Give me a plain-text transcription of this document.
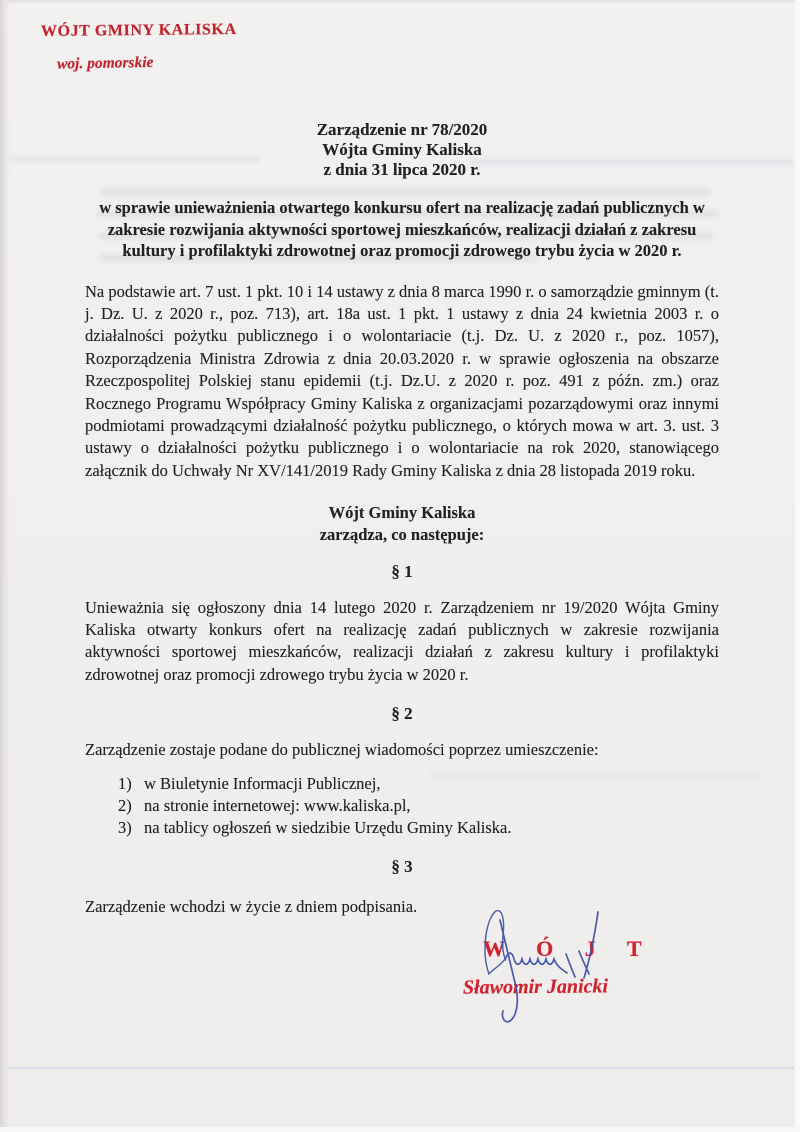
WÓJT GMINY KALISKA
woj. pomorskie
Zarządzenie nr 78/2020
Wójta Gminy Kaliska
z dnia 31 lipca 2020 r.
w sprawie unieważnienia otwartego konkursu ofert na realizację zadań publicznych w zakresie rozwijania aktywności sportowej mieszkańców, realizacji działań z zakresu kultury i profilaktyki zdrowotnej oraz promocji zdrowego trybu życia w 2020 r.
Na podstawie art. 7 ust. 1 pkt. 10 i 14 ustawy z dnia 8 marca 1990 r. o samorządzie gminnym (t. j. Dz. U. z 2020 r., poz. 713), art. 18a ust. 1 pkt. 1 ustawy z dnia 24 kwietnia 2003 r. o działalności pożytku publicznego i o wolontariacie (t.j. Dz. U. z 2020 r., poz. 1057), Rozporządzenia Ministra Zdrowia z dnia 20.03.2020 r. w sprawie ogłoszenia na obszarze Rzeczpospolitej Polskiej stanu epidemii (t.j. Dz.U. z 2020 r. poz. 491 z późn. zm.) oraz Rocznego Programu Współpracy Gminy Kaliska z organizacjami pozarządowymi oraz innymi podmiotami prowadzącymi działalność pożytku publicznego, o których mowa w art. 3. ust. 3 ustawy o działalności pożytku publicznego i o wolontariacie na rok 2020, stanowiącego załącznik do Uchwały Nr XV/141/2019 Rady Gminy Kaliska z dnia 28 listopada 2019 roku.
Wójt Gminy Kaliska
zarządza, co następuje:
§ 1
Unieważnia się ogłoszony dnia 14 lutego 2020 r. Zarządzeniem nr 19/2020 Wójta Gminy Kaliska otwarty konkurs ofert na realizację zadań publicznych w zakresie rozwijania aktywności sportowej mieszkańców, realizacji działań z zakresu kultury i profilaktyki zdrowotnej oraz promocji zdrowego trybu życia w 2020 r.
§ 2
Zarządzenie zostaje podane do publicznej wiadomości poprzez umieszczenie:
1) w Biuletynie Informacji Publicznej,
2) na stronie internetowej: www.kaliska.pl,
3) na tablicy ogłoszeń w siedzibie Urzędu Gminy Kaliska.
§ 3
Zarządzenie wchodzi w życie z dniem podpisania.
W Ó J T
Sławomir Janicki
